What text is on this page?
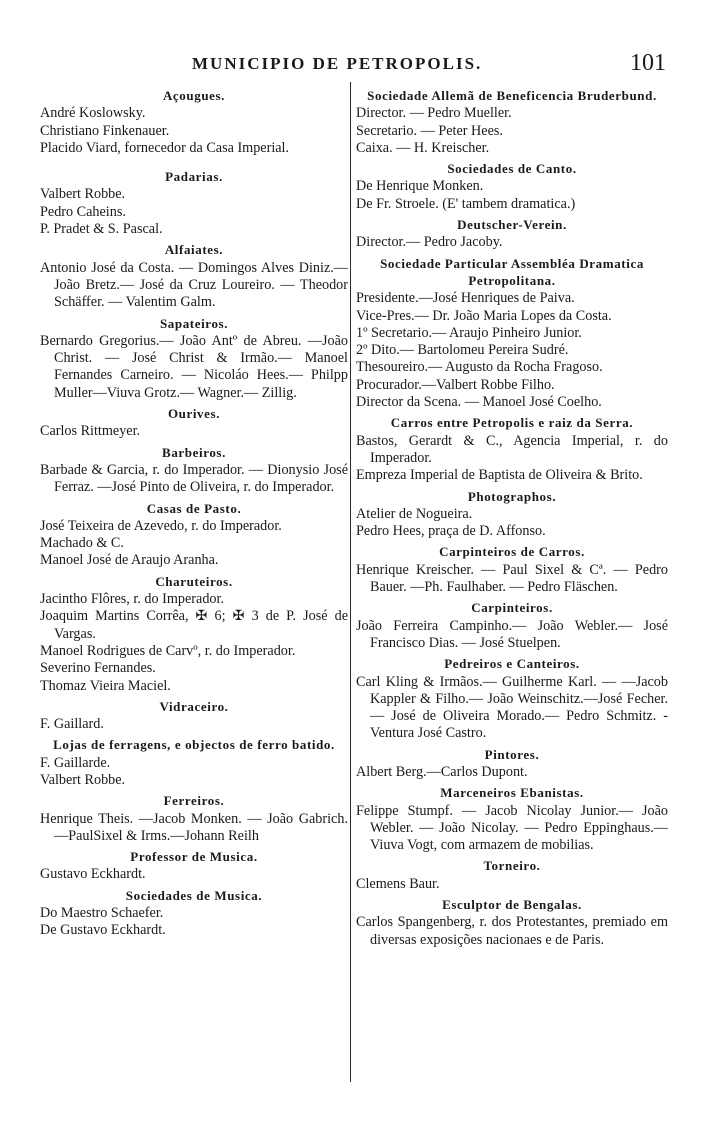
MUNICIPIO DE PETROPOLIS.	101
Açougues.
André Koslowsky.
Christiano Finkenauer.
Placido Viard, fornecedor da Casa Imperial.
Padarias.
Valbert Robbe.
Pedro Caheins.
P. Pradet & S. Pascal.
Alfaiates.
Antonio José da Costa. — Domingos Alves Diniz.— João Bretz.— José da Cruz Loureiro. — Theodor Schäffer. — Valentim Galm.
Sapateiros.
Bernardo Gregorius.— João Antº de Abreu. —João Christ. — José Christ & Irmão.— Manoel Fernandes Carneiro. — Nicoláo Hees.— Philpp Muller—Viuva Grotz.— Wagner.— Zillig.
Ourives.
Carlos Rittmeyer.
Barbeiros.
Barbade & Garcia, r. do Imperador. — Dionysio José Ferraz. —José Pinto de Oliveira, r. do Imperador.
Casas de Pasto.
José Teixeira de Azevedo, r. do Imperador.
Machado & C.
Manoel José de Araujo Aranha.
Charuteiros.
Jacintho Flôres, r. do Imperador.
Joaquim Martins Corrêa, ✠ 6; ✠ 3 de P. José de Vargas.
Manoel Rodrigues de Carvº, r. do Imperador.
Severino Fernandes.
Thomaz Vieira Maciel.
Vidraceiro.
F. Gaillard.
Lojas de ferragens, e objectos de ferro batido.
F. Gaillarde.
Valbert Robbe.
Ferreiros.
Henrique Theis. —Jacob Monken. — João Gabrich.—PaulSixel & Irms.—Johann Reilh
Professor de Musica.
Gustavo Eckhardt.
Sociedades de Musica.
Do Maestro Schaefer.
De Gustavo Eckhardt.
Sociedade Allemã de Beneficencia Bruderbund.
Director. — Pedro Mueller.
Secretario. — Peter Hees.
Caixa. — H. Kreischer.
Sociedades de Canto.
De Henrique Monken.
De Fr. Stroele. (E' tambem dramatica.)
Deutscher-Verein.
Director.— Pedro Jacoby.
Sociedade Particular Assembléa Dramatica Petropolitana.
Presidente.—José Henriques de Paiva.
Vice-Pres.— Dr. João Maria Lopes da Costa.
1º Secretario.— Araujo Pinheiro Junior.
2º Dito.— Bartolomeu Pereira Sudré.
Thesoureiro.— Augusto da Rocha Fragoso.
Procurador.—Valbert Robbe Filho.
Director da Scena. — Manoel José Coelho.
Carros entre Petropolis e raiz da Serra.
Bastos, Gerardt & C., Agencia Imperial, r. do Imperador.
Empreza Imperial de Baptista de Oliveira & Brito.
Photographos.
Atelier de Nogueira.
Pedro Hees, praça de D. Affonso.
Carpinteiros de Carros.
Henrique Kreischer. — Paul Sixel & Cª. — Pedro Bauer. —Ph. Faulhaber. — Pedro Fläschen.
Carpinteiros.
João Ferreira Campinho.— João Webler.— José Francisco Dias. — José Stuelpen.
Pedreiros e Canteiros.
Carl Kling & Irmãos.— Guilherme Karl. — —Jacob Kappler & Filho.— João Weinschitz.—José Fecher.— José de Oliveira Morado.— Pedro Schmitz. - Ventura José Castro.
Pintores.
Albert Berg.—Carlos Dupont.
Marceneiros Ebanistas.
Felippe Stumpf. — Jacob Nicolay Junior.— João Webler. — João Nicolay. — Pedro Eppinghaus.—Viuva Vogt, com armazem de mobilias.
Torneiro.
Clemens Baur.
Esculptor de Bengalas.
Carlos Spangenberg, r. dos Protestantes, premiado em diversas exposições nacionaes e de Paris.
